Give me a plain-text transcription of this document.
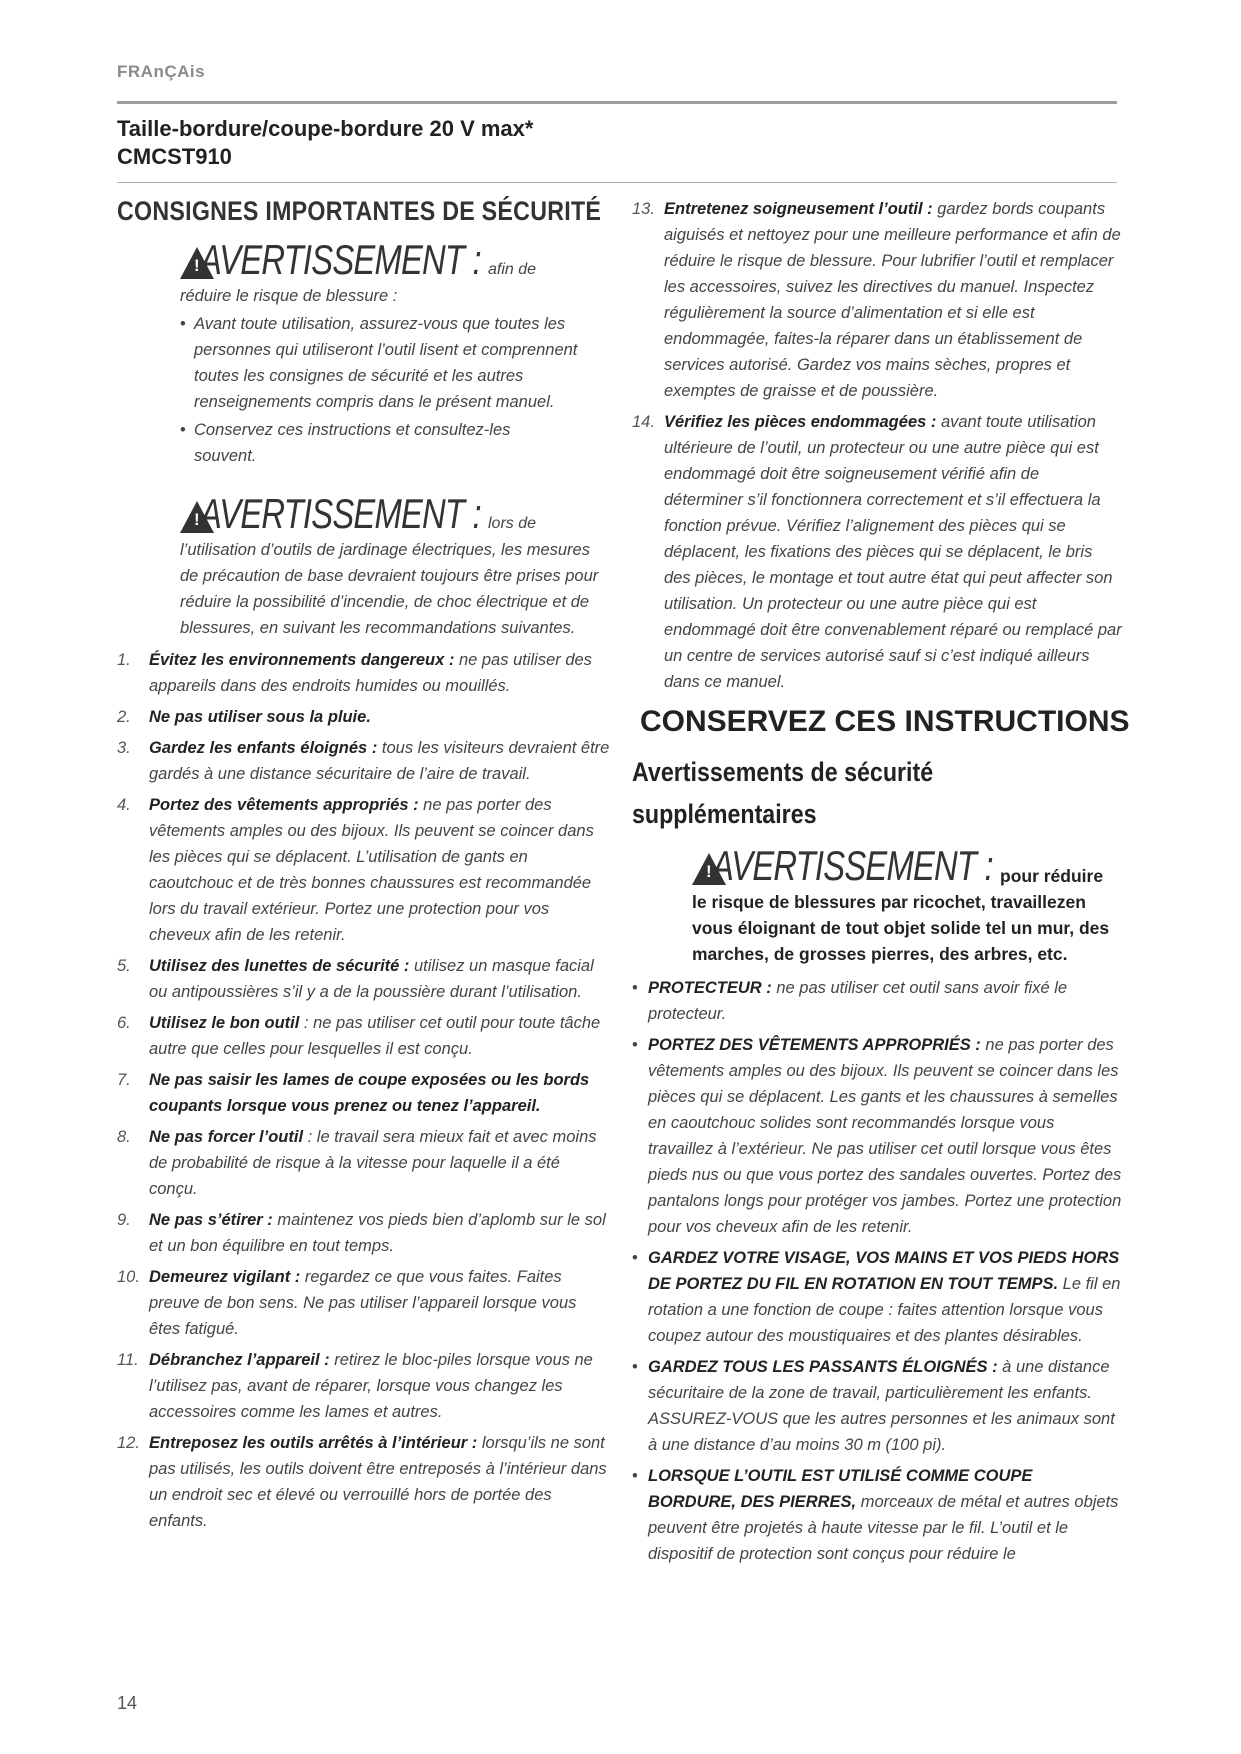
FRAnÇAis
Taille-bordure/coupe-bordure 20 V max*
CMCST910
CONSIGNES IMPORTANTES DE SÉCURITÉ
! AVERTISSEMENT : afin de
réduire le risque de blessure :
• Avant toute utilisation, assurez-vous que toutes les personnes qui utiliseront l’outil lisent et comprennent toutes les consignes de sécurité et les autres renseignements compris dans le présent manuel.
• Conservez ces instructions et consultez-les souvent.
! AVERTISSEMENT : lors de
l’utilisation d’outils de jardinage électriques, les mesures de précaution de base devraient toujours être prises pour réduire la possibilité d’incendie, de choc électrique et de blessures, en suivant les recommandations suivantes.
1.	Évitez les environnements dangereux : ne pas utiliser des appareils dans des endroits humides ou mouillés.
2.	Ne pas utiliser sous la pluie.
3.	Gardez les enfants éloignés : tous les visiteurs devraient être gardés à une distance sécuritaire de l’aire de travail.
4.	Portez des vêtements appropriés : ne pas porter des vêtements amples ou des bijoux. Ils peuvent se coincer dans les pièces qui se déplacent. L’utilisation de gants en caoutchouc et de très bonnes chaussures est recommandée lors du travail extérieur. Portez une protection pour vos cheveux afin de les retenir.
5.	Utilisez des lunettes de sécurité : utilisez un masque facial ou antipoussières s’il y a de la poussière durant l’utilisation.
6.	Utilisez le bon outil : ne pas utiliser cet outil pour toute tâche autre que celles pour lesquelles il est conçu.
7.	Ne pas saisir les lames de coupe exposées ou les bords coupants lorsque vous prenez ou tenez l’appareil.
8.	Ne pas forcer l’outil : le travail sera mieux fait et avec moins de probabilité de risque à la vitesse pour laquelle il a été conçu.
9.	Ne pas s’étirer : maintenez vos pieds bien d’aplomb sur le sol et un bon équilibre en tout temps.
10. Demeurez vigilant : regardez ce que vous faites. Faites preuve de bon sens. Ne pas utiliser l’appareil lorsque vous êtes fatigué.
11. Débranchez l’appareil : retirez le bloc-piles lorsque vous ne l’utilisez pas, avant de réparer, lorsque vous changez les accessoires comme les lames et autres.
12. Entreposez les outils arrêtés à l’intérieur : lorsqu’ils ne sont pas utilisés, les outils doivent être entreposés à l’intérieur dans un endroit sec et élevé ou verrouillé hors de portée des enfants.
13. Entretenez soigneusement l’outil : gardez bords coupants aiguisés et nettoyez pour une meilleure performance et afin de réduire le risque de blessure. Pour lubrifier l’outil et remplacer les accessoires, suivez les directives du manuel. Inspectez régulièrement la source d’alimentation et si elle est endommagée, faites-la réparer dans un établissement de services autorisé. Gardez vos mains sèches, propres et exemptes de graisse et de poussière.
14. Vérifiez les pièces endommagées : avant toute utilisation ultérieure de l’outil, un protecteur ou une autre pièce qui est endommagé doit être soigneusement vérifié afin de déterminer s’il fonctionnera correctement et s’il effectuera la fonction prévue. Vérifiez l’alignement des pièces qui se déplacent, les fixations des pièces qui se déplacent, le bris des pièces, le montage et tout autre état qui peut affecter son utilisation. Un protecteur ou une autre pièce qui est endommagé doit être convenablement réparé ou remplacé par un centre de services autorisé sauf si c’est indiqué ailleurs dans ce manuel.
CONSERVEZ CES INSTRUCTIONS
Avertissements de sécurité supplémentaires
! AVERTISSEMENT : pour réduire
le risque de blessures par ricochet, travaillezen vous éloignant de tout objet solide tel un mur, des marches, de grosses pierres, des arbres, etc.
• PROTECTEUR : ne pas utiliser cet outil sans avoir fixé le protecteur.
• PORTEZ DES VÊTEMENTS APPROPRIÉS : ne pas porter des vêtements amples ou des bijoux. Ils peuvent se coincer dans les pièces qui se déplacent. Les gants et les chaussures à semelles en caoutchouc solides sont recommandés lorsque vous travaillez à l’extérieur. Ne pas utiliser cet outil lorsque vous êtes pieds nus ou que vous portez des sandales ouvertes. Portez des pantalons longs pour protéger vos jambes. Portez une protection pour vos cheveux afin de les retenir.
• GARDEZ VOTRE VISAGE, VOS MAINS ET VOS PIEDS HORS DE PORTEZ DU FIL EN ROTATION EN TOUT TEMPS. Le fil en rotation a une fonction de coupe : faites attention lorsque vous coupez autour des moustiquaires et des plantes désirables.
• GARDEZ TOUS LES PASSANTS ÉLOIGNÉS : à une distance sécuritaire de la zone de travail, particulièrement les enfants. ASSUREZ-VOUS que les autres personnes et les animaux sont à une distance d’au moins 30 m (100 pi).
• LORSQUE L’OUTIL EST UTILISÉ COMME COUPE BORDURE, DES PIERRES, morceaux de métal et autres objets peuvent être projetés à haute vitesse par le fil. L’outil et le dispositif de protection sont conçus pour réduire le
14
